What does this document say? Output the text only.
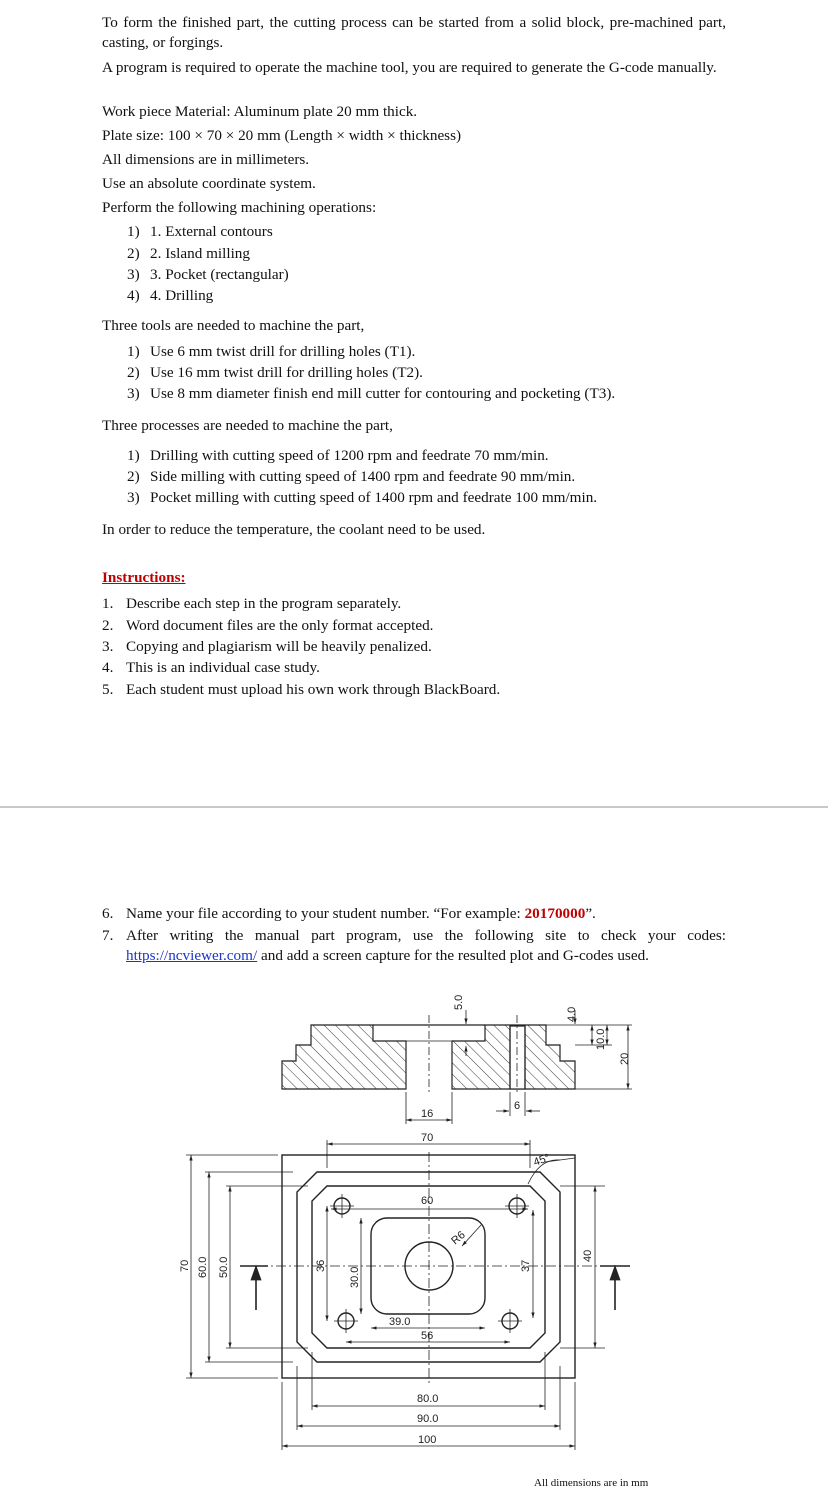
To form the finished part, the cutting process can be started from a solid block, pre-machined part, casting, or forgings.

A program is required to operate the machine tool, you are required to generate the G-code manually.

Work piece Material: Aluminum plate 20 mm thick.

Plate size: 100 × 70 × 20 mm (Length × width × thickness)

All dimensions are in millimeters.

Use an absolute coordinate system.

Perform the following machining operations:

1) 1. External contours
2) 2. Island milling
3) 3. Pocket (rectangular)
4) 4. Drilling

Three tools are needed to machine the part,

1) Use 6 mm twist drill for drilling holes (T1).
2) Use 16 mm twist drill for drilling holes (T2).
3) Use 8 mm diameter finish end mill cutter for contouring and pocketing (T3).

Three processes are needed to machine the part,

1) Drilling with cutting speed of 1200 rpm and feedrate 70 mm/min.
2) Side milling with cutting speed of 1400 rpm and feedrate 90 mm/min.
3) Pocket milling with cutting speed of 1400 rpm and feedrate 100 mm/min.

In order to reduce the temperature, the coolant need to be used.

Instructions:

1. Describe each step in the program separately.
2. Word document files are the only format accepted.
3. Copying and plagiarism will be heavily penalized.
4. This is an individual case study.
5. Each student must upload his own work through BlackBoard.
6. Name your file according to your student number. “For example: 20170000”.
7. After writing the manual part program, use the following site to check your codes:

https://ncviewer.com/ and add a screen capture for the resulted plot and G-codes used.
5.0
4.0
10.0
20
16
6
70
45°
60
R6
36
30.0
37
40
39.0
56
80.0
90.0
100
70 60.0 50.0
All dimensions are in mm
